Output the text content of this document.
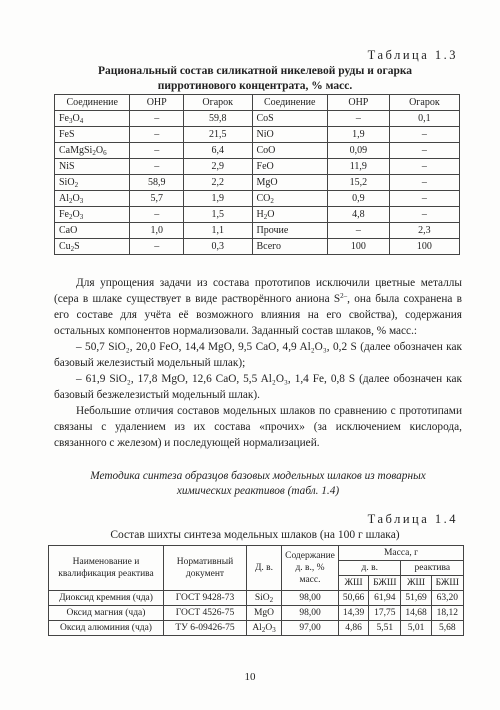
Таблица 1.3
Рациональный состав силикатной никелевой руды и огарка
пирротинового концентрата, % масс.
Соединение	ОНР	Огарок	Соединение	ОНР	Огарок
$Fe_3O_4$	–	59,8	CoS	–	0,1
FeS	–	21,5	NiO	1,9	–
$CaMgSi_2O_6$	–	6,4	CoO	0,09	–
NiS	–	2,9	FeO	11,9	–
SiO$_2$	58,9	2,2	MgO	15,2	–
$Al_2O_3$	5,7	1,9	$CO_2$	0,9	–
$Fe_2O_3$	–	1,5	$H_2O$	4,8	–
CaO	1,0	1,1	Прочие	–	2,3
$Cu_2S$	–	0,3	Всего	100	100

Для упрощения задачи из состава прототипов исключили цветные металлы (сера в шлаке существует в виде растворённого аниона $S^{2-}$, она была сохранена в его составе для учёта её возможного влияния на его свойства), содержания остальных компонентов нормализовали. Заданный состав шлаков, % масс.:

– 50,7 SiO₂, 20,0 FeO, 14,4 MgO, 9,5 CaO, 4,9 Al₂O₃, 0,2 S (далее обозначен как базовый железистый модельный шлак);

– 61,9 SiO₂, 17,8 MgO, 12,6 CaO, 5,5 Al₂O₃, 1,4 Fe, 0,8 S (далее обозначен как базовый безжелезистый модельный шлак).

Небольшие отличия составов модельных шлаков по сравнению с прототипами связаны с удалением из их состава «прочих» (за исключением кислорода, связанного с железом) и последующей нормализацией.

Методика синтеза образцов базовых модельных шлаков из товарных
химических реактивов (табл. 1.4)
Таблица 1.4
Состав шихты синтеза модельных шлаков (на 100 г шлака)
Наименование и квалификация реактива	Нормативный документ	Д. в.	Содержание д. в., % масс.	Масса, г			
				д. в.		реактива	
				ЖШ	БЖШ	ЖШ	БЖШ
Диоксид кремния (чда)	ГОСТ 9428-73	SiO$_2$	98,00	50,66	61,94	51,69	63,20
Оксид магния (чда)	ГОСТ 4526-75	MgO	98,00	14,39	17,75	14,68	18,12
Оксид алюминия (чда)	ТУ 6-09426-75	$Al_2O_3$	97,00	4,86	5,51	5,01	5,68
10
